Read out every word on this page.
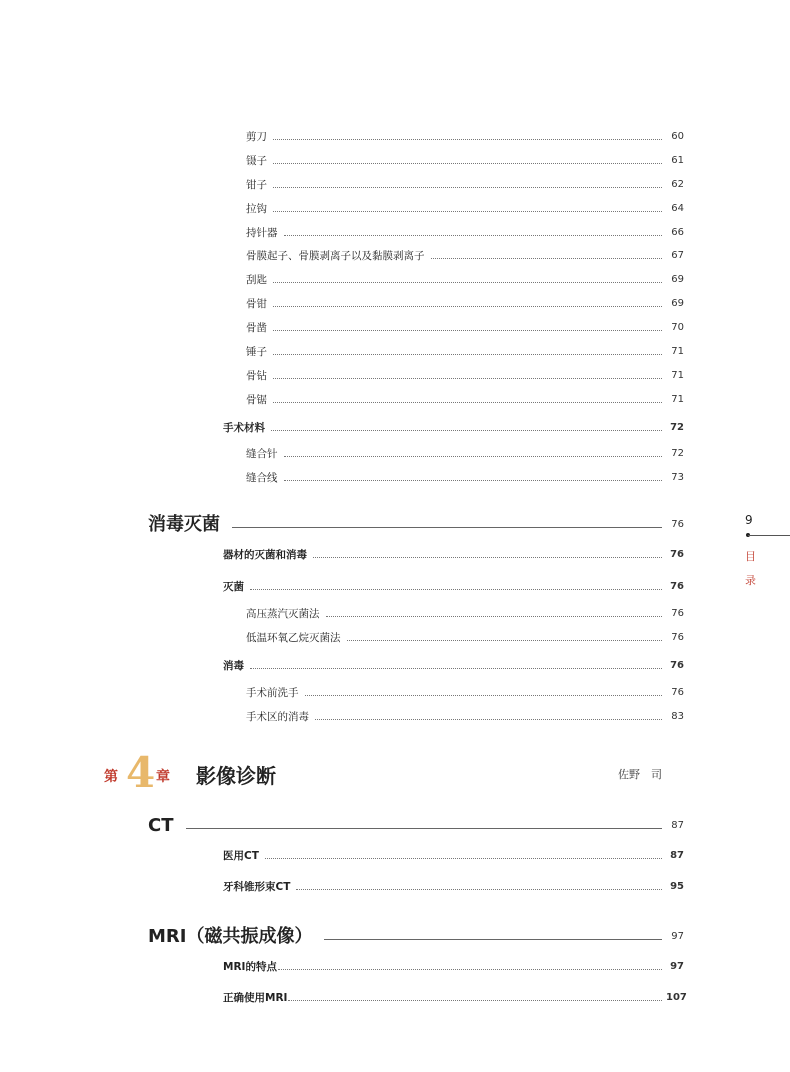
剪刀	60
镊子	61
钳子	62
拉钩	64
持针器	66
骨膜起子、骨膜剥离子以及黏膜剥离子	67
刮匙	69
骨钳	69
骨凿	70
锤子	71
骨钻	71
骨锯	71
手术材料	72
缝合针	72
缝合线	73
消毒灭菌	76
器材的灭菌和消毒	76
灭菌	76
高压蒸汽灭菌法	76
低温环氧乙烷灭菌法	76
消毒	76
手术前洗手	76
手术区的消毒	83
第 4 章 影像诊断	佐野　司
CT	87
医用CT	87
牙科锥形束CT	95
MRI（磁共振成像）	97
MRI的特点	97
正确使用MRI	107
9
目录
